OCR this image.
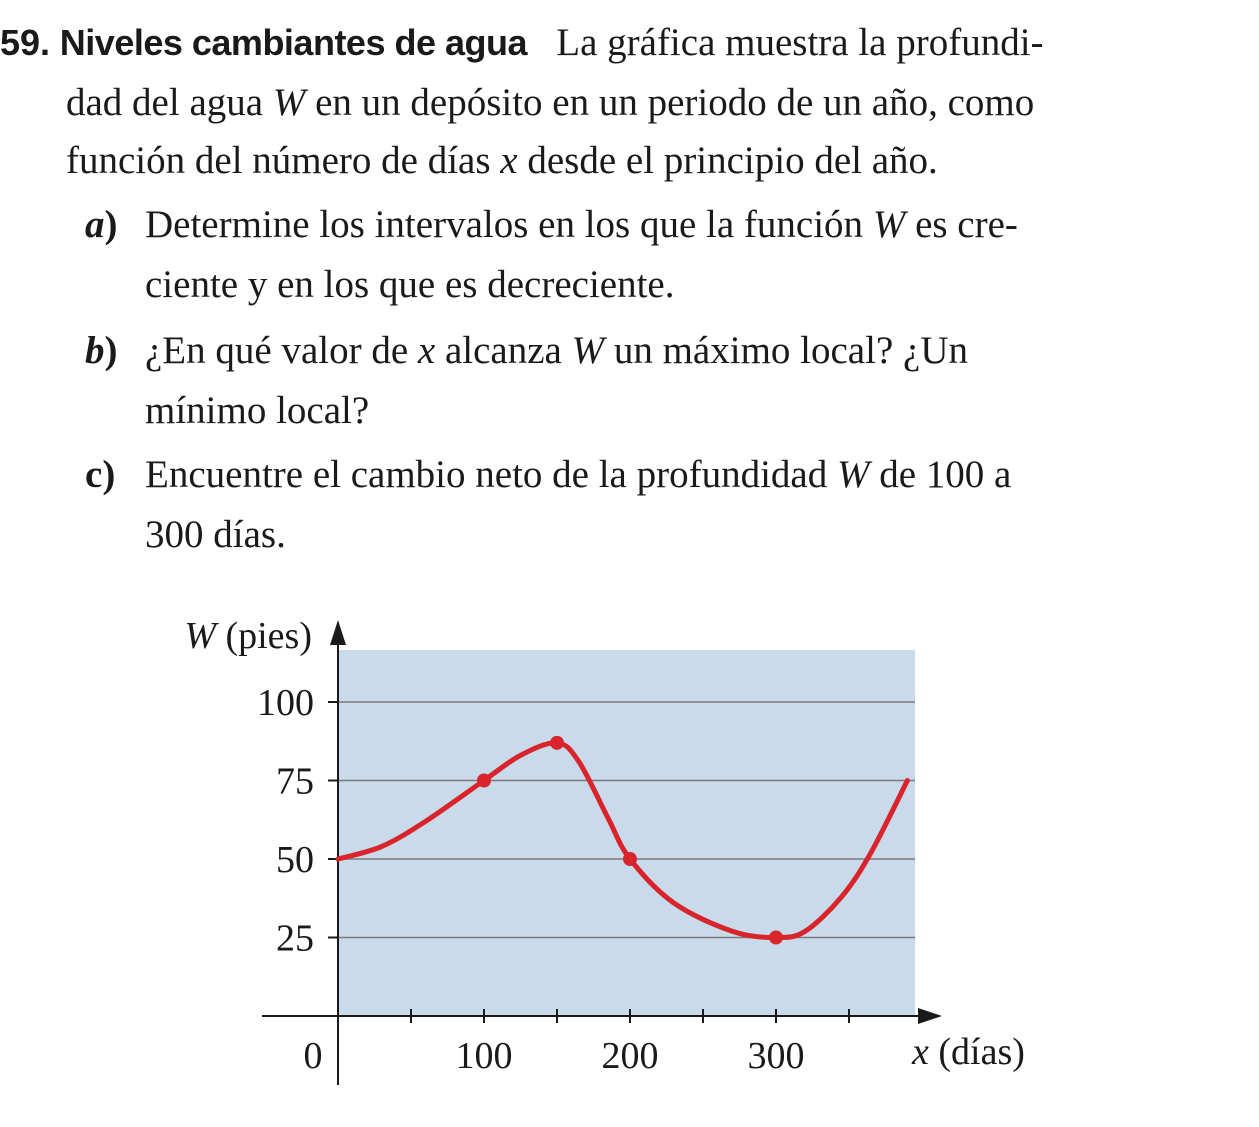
59. Niveles cambiantes de agua La gráfica muestra la profundi-
dad del agua W en un depósito en un periodo de un año, como
función del número de días x desde el principio del año.
a) Determine los intervalos en los que la función W es cre-
ciente y en los que es decreciente.
b) ¿En qué valor de x alcanza W un máximo local? ¿Un
mínimo local?
c) Encuentre el cambio neto de la profundidad W de 100 a
300 días.
25
50
75
100
0	100 200 300
W (pies)
x (días)
